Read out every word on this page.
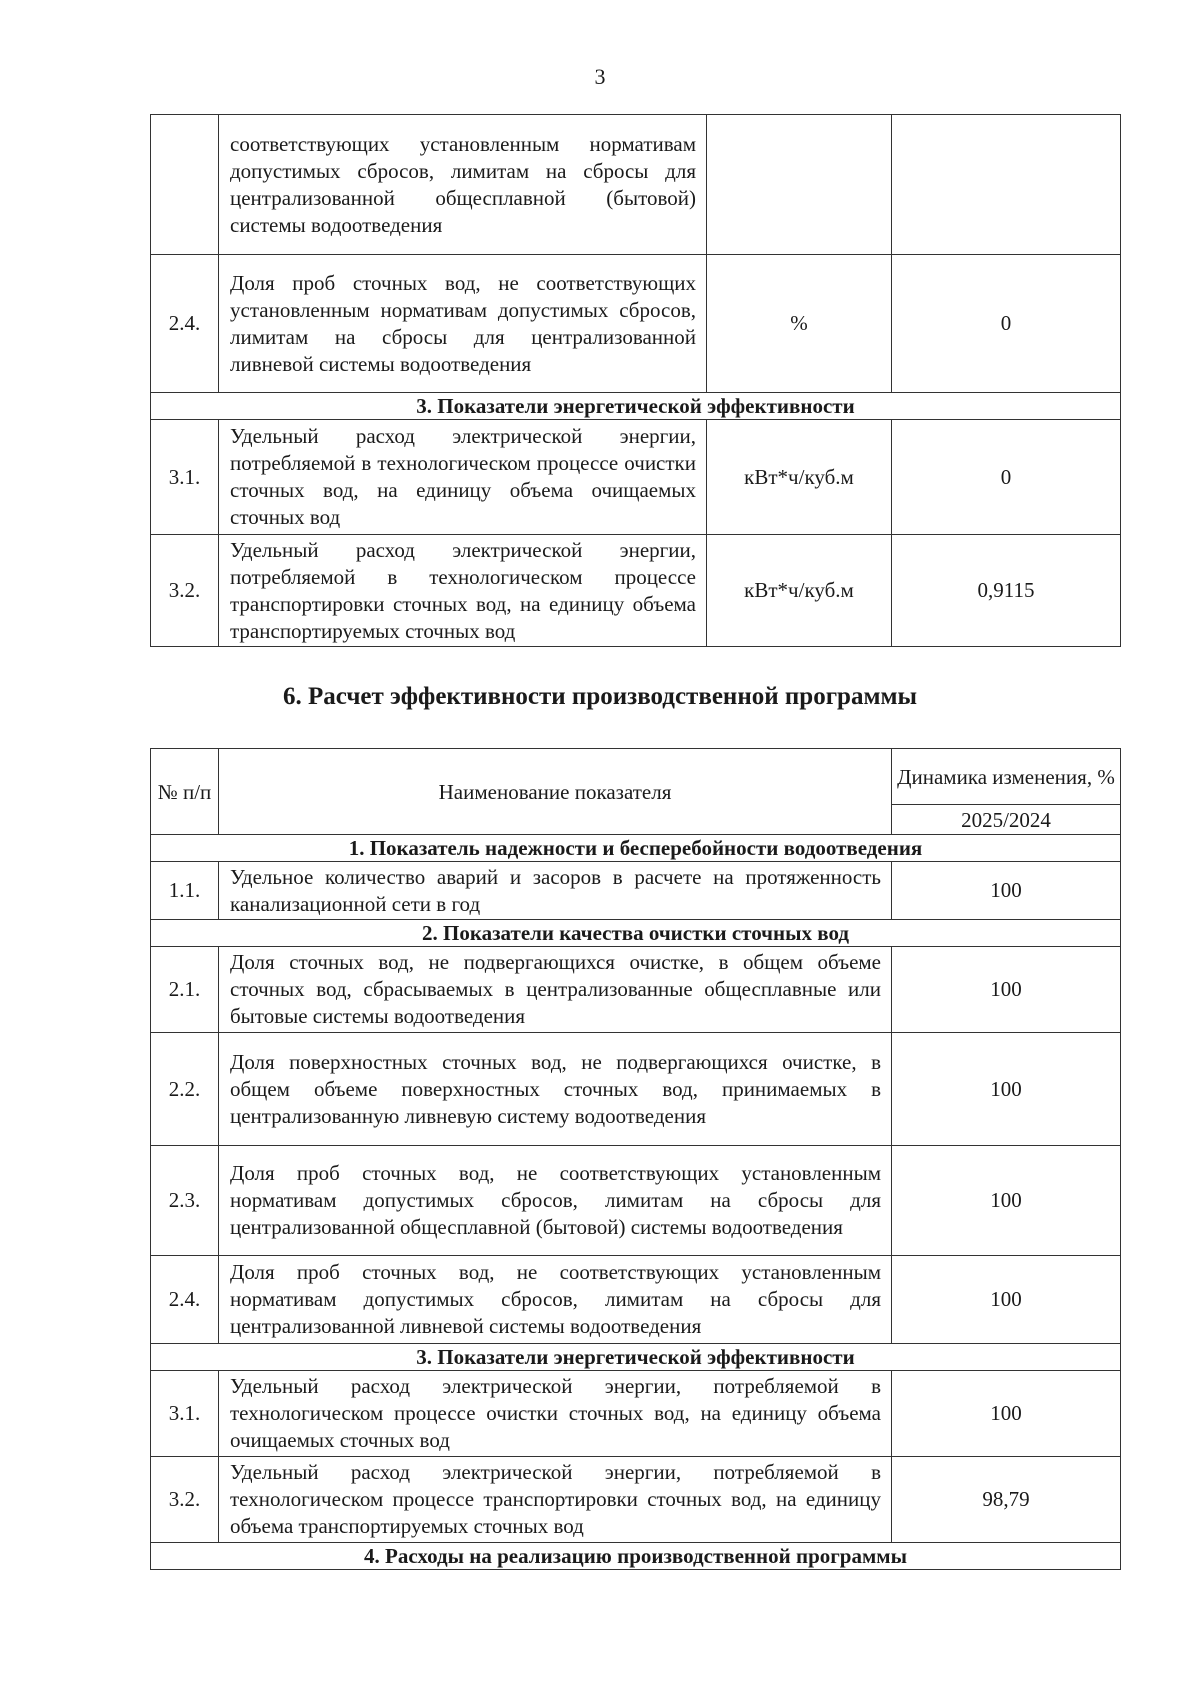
3
	соответствующих установленным нормативам допустимых сбросов, лимитам на сбросы для централизованной общесплавной (бытовой) системы водоотведения		
2.4.	Доля проб сточных вод, не соответствующих установленным нормативам допустимых сбросов, лимитам на сбросы для централизованной ливневой системы водоотведения	%	0
3. Показатели энергетической эффективности			
3.1.	Удельный расход электрической энергии, потребляемой в технологическом процессе очистки сточных вод, на единицу объема очищаемых сточных вод	кВт*ч/куб.м	0
3.2.	Удельный расход электрической энергии, потребляемой в технологическом процессе транспортировки сточных вод, на единицу объема транспортируемых сточных вод	кВт*ч/куб.м	0,9115
6. Расчет эффективности производственной программы
№ п/п	Наименование показателя	Динамика изменения, %
		2025/2024
1. Показатель надежности и бесперебойности водоотведения		
1.1.	Удельное количество аварий и засоров в расчете на протяженность канализационной сети в год	100
2. Показатели качества очистки сточных вод		
2.1.	Доля сточных вод, не подвергающихся очистке, в общем объеме сточных вод, сбрасываемых в централизованные общесплавные или бытовые системы водоотведения	100
2.2.	Доля поверхностных сточных вод, не подвергающихся очистке, в общем объеме поверхностных сточных вод, принимаемых в централизованную ливневую систему водоотведения	100
2.3.	Доля проб сточных вод, не соответствующих установленным нормативам допустимых сбросов, лимитам на сбросы для централизованной общесплавной (бытовой) системы водоотведения	100
2.4.	Доля проб сточных вод, не соответствующих установленным нормативам допустимых сбросов, лимитам на сбросы для централизованной ливневой системы водоотведения	100
3. Показатели энергетической эффективности		
3.1.	Удельный расход электрической энергии, потребляемой в технологическом процессе очистки сточных вод, на единицу объема очищаемых сточных вод	100
3.2.	Удельный расход электрической энергии, потребляемой в технологическом процессе транспортировки сточных вод, на единицу объема транспортируемых сточных вод	98,79
4. Расходы на реализацию производственной программы		
